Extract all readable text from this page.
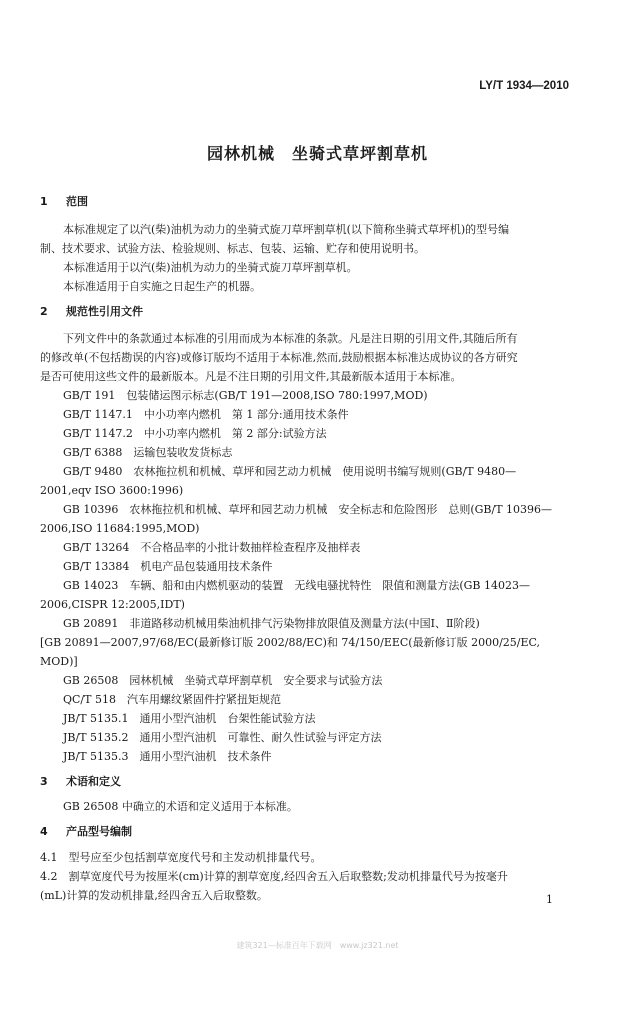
LY/T 1934—2010
园林机械　坐骑式草坪割草机
1 范围
本标准规定了以汽(柴)油机为动力的坐骑式旋刀草坪割草机(以下简称坐骑式草坪机)的型号编
制、技术要求、试验方法、检验规则、标志、包装、运输、贮存和使用说明书。
本标准适用于以汽(柴)油机为动力的坐骑式旋刀草坪割草机。
本标准适用于自实施之日起生产的机器。
2 规范性引用文件
下列文件中的条款通过本标准的引用而成为本标准的条款。凡是注日期的引用文件,其随后所有
的修改单(不包括勘误的内容)或修订版均不适用于本标准,然而,鼓励根据本标准达成协议的各方研究
是否可使用这些文件的最新版本。凡是不注日期的引用文件,其最新版本适用于本标准。
GB/T 191　包装储运图示标志(GB/T 191—2008,ISO 780:1997,MOD)
GB/T 1147.1　中小功率内燃机　第 1 部分:通用技术条件
GB/T 1147.2　中小功率内燃机　第 2 部分:试验方法
GB/T 6388　运输包装收发货标志
GB/T 9480　农林拖拉机和机械、草坪和园艺动力机械　使用说明书编写规则(GB/T 9480—
2001,eqv ISO 3600:1996)
GB 10396　农林拖拉机和机械、草坪和园艺动力机械　安全标志和危险图形　总则(GB/T 10396—
2006,ISO 11684:1995,MOD)
GB/T 13264　不合格品率的小批计数抽样检查程序及抽样表
GB/T 13384　机电产品包装通用技术条件
GB 14023　车辆、船和由内燃机驱动的装置　无线电骚扰特性　限值和测量方法(GB 14023—
2006,CISPR 12:2005,IDT)
GB 20891　非道路移动机械用柴油机排气污染物排放限值及测量方法(中国Ⅰ、Ⅱ阶段)
[GB 20891—2007,97/68/EC(最新修订版 2002/88/EC)和 74/150/EEC(最新修订版 2000/25/EC,
MOD)]
GB 26508　园林机械　坐骑式草坪割草机　安全要求与试验方法
QC/T 518　汽车用螺纹紧固件拧紧扭矩规范
JB/T 5135.1　通用小型汽油机　台架性能试验方法
JB/T 5135.2　通用小型汽油机　可靠性、耐久性试验与评定方法
JB/T 5135.3　通用小型汽油机　技术条件
3 术语和定义
GB 26508 中确立的术语和定义适用于本标准。
4 产品型号编制
4.1　型号应至少包括割草宽度代号和主发动机排量代号。
4.2　割草宽度代号为按厘米(cm)计算的割草宽度,经四舍五入后取整数;发动机排量代号为按毫升
(mL)计算的发动机排量,经四舍五入后取整数。	1
建筑321—标准百年下载网　www.jz321.net
